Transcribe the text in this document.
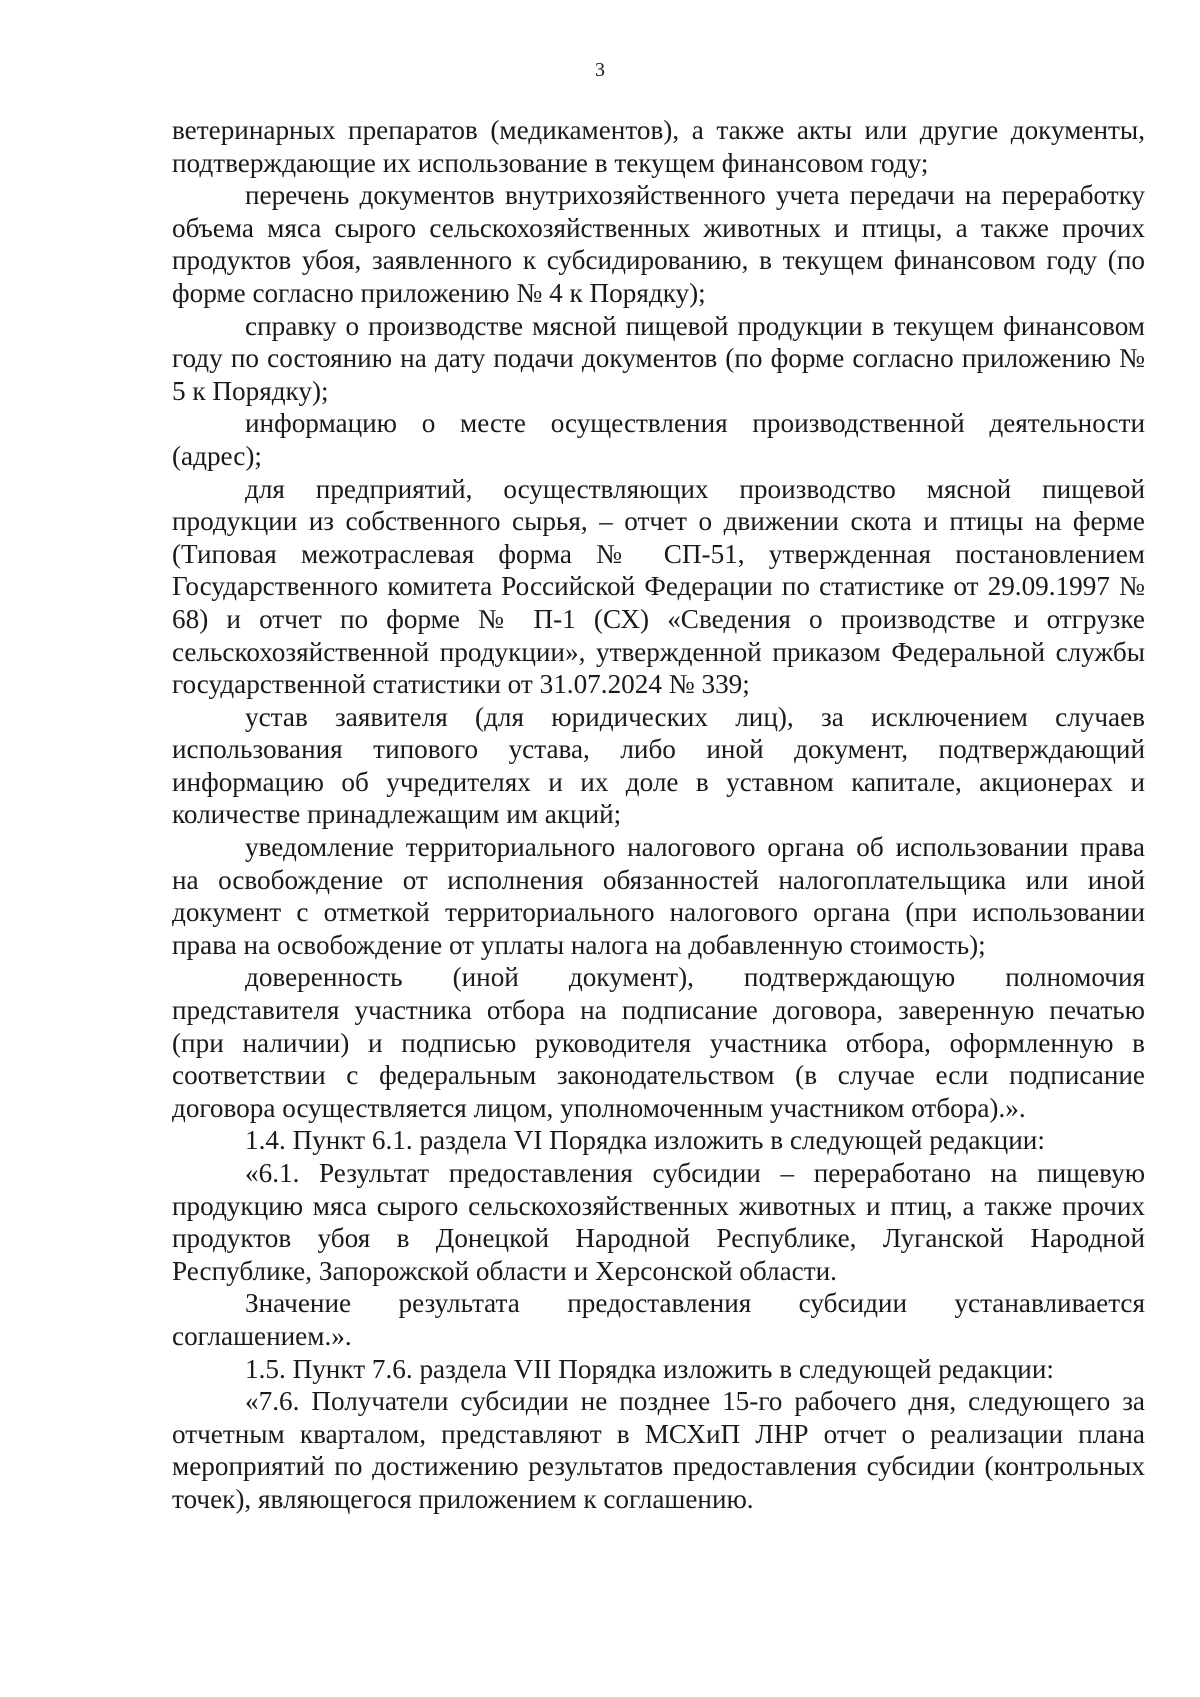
3

ветеринарных препаратов (медикаментов), а также акты или другие документы, подтверждающие их использование в текущем финансовом году;

перечень документов внутрихозяйственного учета передачи на переработку объема мяса сырого сельскохозяйственных животных и птицы, а также прочих продуктов убоя, заявленного к субсидированию, в текущем финансовом году (по форме согласно приложению № 4 к Порядку);

справку о производстве мясной пищевой продукции в текущем финансовом году по состоянию на дату подачи документов (по форме согласно приложению № 5 к Порядку);

информацию о месте осуществления производственной деятельности (адрес);

для предприятий, осуществляющих производство мясной пищевой продукции из собственного сырья, – отчет о движении скота и птицы на ферме (Типовая межотраслевая форма № СП-51, утвержденная постановлением Государственного комитета Российской Федерации по статистике от 29.09.1997 № 68) и отчет по форме № П-1 (СХ) «Сведения о производстве и отгрузке сельскохозяйственной продукции», утвержденной приказом Федеральной службы государственной статистики от 31.07.2024 № 339;

устав заявителя (для юридических лиц), за исключением случаев использования типового устава, либо иной документ, подтверждающий информацию об учредителях и их доле в уставном капитале, акционерах и количестве принадлежащим им акций;

уведомление территориального налогового органа об использовании права на освобождение от исполнения обязанностей налогоплательщика или иной документ с отметкой территориального налогового органа (при использовании права на освобождение от уплаты налога на добавленную стоимость);

доверенность (иной документ), подтверждающую полномочия представителя участника отбора на подписание договора, заверенную печатью (при наличии) и подписью руководителя участника отбора, оформленную в соответствии с федеральным законодательством (в случае если подписание договора осуществляется лицом, уполномоченным участником отбора).».

1.4. Пункт 6.1. раздела VI Порядка изложить в следующей редакции:

«6.1. Результат предоставления субсидии – переработано на пищевую продукцию мяса сырого сельскохозяйственных животных и птиц, а также прочих продуктов убоя в Донецкой Народной Республике, Луганской Народной Республике, Запорожской области и Херсонской области.

Значение результата предоставления субсидии устанавливается соглашением.».

1.5. Пункт 7.6. раздела VII Порядка изложить в следующей редакции:

«7.6. Получатели субсидии не позднее 15-го рабочего дня, следующего за отчетным кварталом, представляют в МСХиП ЛНР отчет о реализации плана мероприятий по достижению результатов предоставления субсидии (контрольных точек), являющегося приложением к соглашению.
